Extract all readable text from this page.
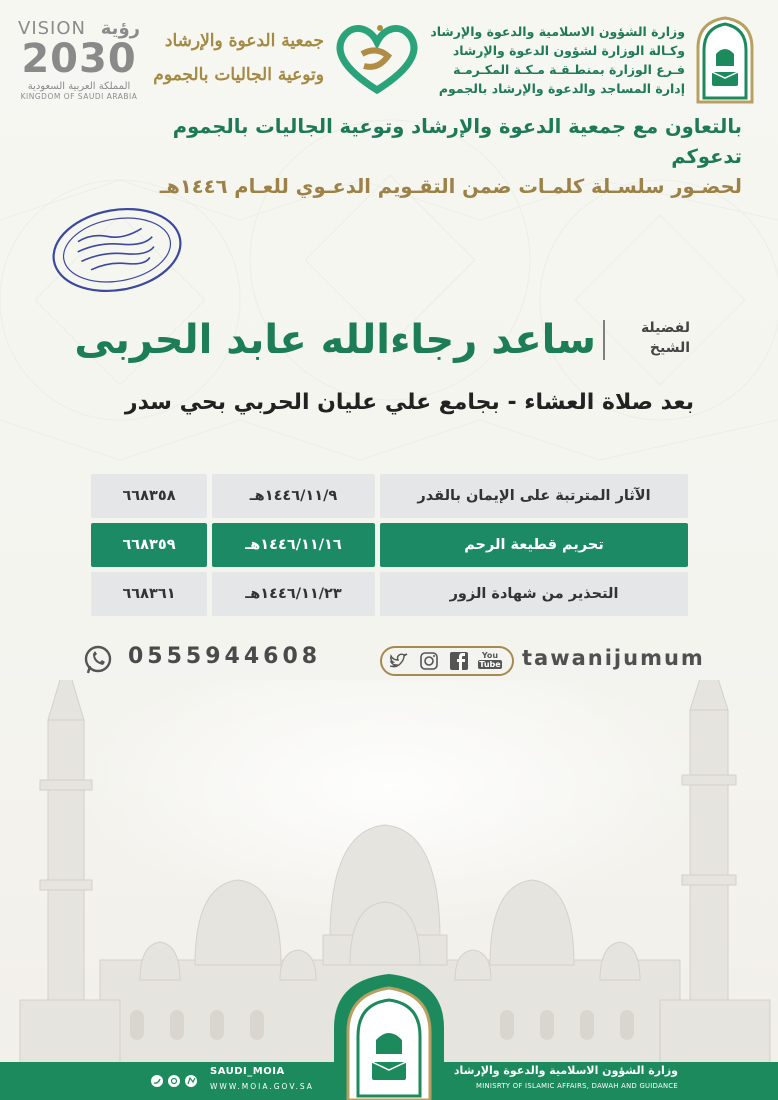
VISION رؤية
2030
المملكة العربية السعودية
KINGDOM OF SAUDI ARABIA
جمعية الدعوة والإرشاد
وتوعية الجاليات بالجموم
وزارة الشؤون الاسلامية والدعوة والإرشاد
وكـالة الوزارة لشؤون الدعوة والإرشاد
فـرع الوزارة بمنطـقـة مـكـة المكـرمـة
إدارة المساجد والدعوة والإرشاد بالجموم
بالتعاون مع جمعية الدعوة والإرشاد وتوعية الجاليات بالجموم تدعوكم
لحضـور سلسـلة كلمـات ضمن التقـويم الدعـوي للعـام ١٤٤٦هـ
لفضيلة
الشيخ
ساعد رجاءالله عابد الحربى
بعد صلاة العشاء - بجامع علي عليان الحربي بحي سدر
الآثار المترتبة على الإيمان بالقدر
١٤٤٦/١١/٩هـ
٦٦٨٣٥٨
تحريم قطيعة الرحم
١٤٤٦/١١/١٦هـ
٦٦٨٣٥٩
التحذير من شهادة الزور
١٤٤٦/١١/٢٣هـ
٦٦٨٣٦١
0555944608	You
Tube tawanijumum
SAUDI_MOIA
WWW.MOIA.GOV.SA
وزارة الشؤون الاسلامية والدعوة والإرشاد
MINISRTY OF ISLAMIC AFFAIRS, DAWAH AND GUIDANCE
